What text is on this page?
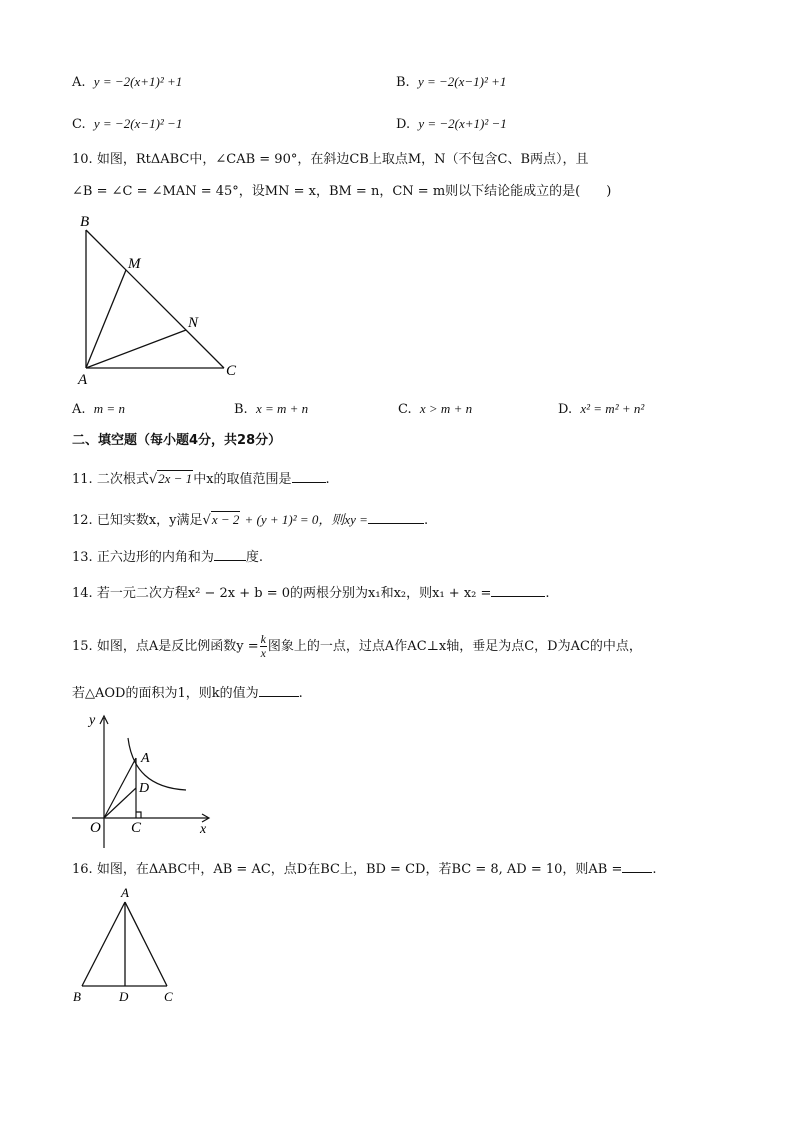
A. y = −2(x+1)² +1	B. y = −2(x−1)² +1
C. y = −2(x−1)² −1	D. y = −2(x+1)² −1
10. 如图，RtΔABC中，∠CAB = 90°，在斜边CB上取点M，N（不包含C、B两点），且
∠B = ∠C = ∠MAN = 45°，设MN = x，BM = n，CN = m则以下结论能成立的是(　　)
B
M
N
A
C
A. m = n	B. x = m + n	C. x > m + n	D. x² = m² + n²
二、填空题（每小题4分，共28分）
11. 二次根式√2x − 1中x的取值范围是	.
12. 已知实数x，y满足√x − 2 + (y + 1)² = 0，则xy =	.
13. 正六边形的内角和为 度.
14. 若一元二次方程x² − 2x + b = 0的两根分别为x₁和x₂，则x₁ + x₂ =	.
15. 如图，点A是反比例函数$y = \frac{k}{x}$ 图象上的一点，过点A作AC⊥x轴，垂足为点C，D为AC的中点，
若△AOD的面积为1，则k的值为	.
y
x
O
A
D
C
16. 如图，在ΔABC中，AB = AC，点D在BC上，BD = CD，若BC = 8, AD = 10，则AB = .
A
B	D	C
